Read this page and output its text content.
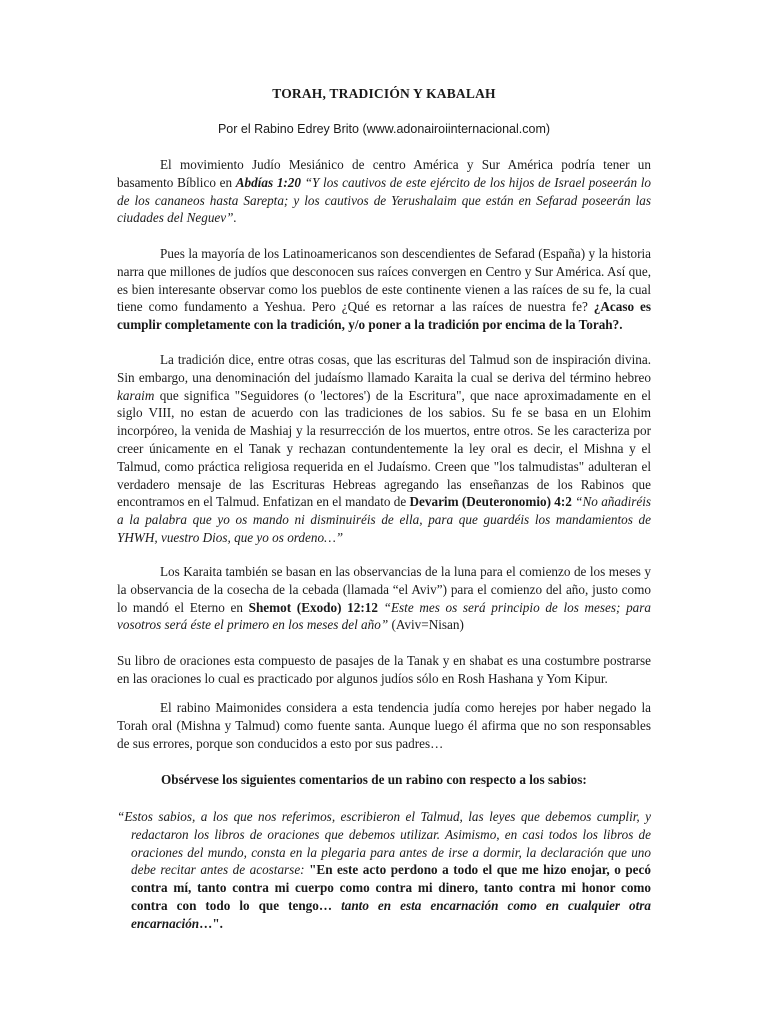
TORAH, TRADICIÓN Y KABALAH
Por el Rabino Edrey Brito (www.adonairoiinternacional.com)

El movimiento Judío Mesiánico de centro América y Sur América podría tener un basamento Bíblico en Abdías 1:20 “Y los cautivos de este ejército de los hijos de Israel poseerán lo de los cananeos hasta Sarepta; y los cautivos de Yerushalaim que están en Sefarad poseerán las ciudades del Neguev”.

Pues la mayoría de los Latinoamericanos son descendientes de Sefarad (España) y la historia narra que millones de judíos que desconocen sus raíces convergen en Centro y Sur América. Así que, es bien interesante observar como los pueblos de este continente vienen a las raíces de su fe, la cual tiene como fundamento a Yeshua. Pero ¿Qué es retornar a las raíces de nuestra fe? ¿Acaso es cumplir completamente con la tradición, y/o poner a la tradición por encima de la Torah?.

La tradición dice, entre otras cosas, que las escrituras del Talmud son de inspiración divina. Sin embargo, una denominación del judaísmo llamado Karaita la cual se deriva del término hebreo karaim que significa "Seguidores (o 'lectores') de la Escritura", que nace aproximadamente en el siglo VIII, no estan de acuerdo con las tradiciones de los sabios. Su fe se basa en un Elohim incorpóreo, la venida de Mashiaj y la resurrección de los muertos, entre otros. Se les caracteriza por creer únicamente en el Tanak y rechazan contundentemente la ley oral es decir, el Mishna y el Talmud, como práctica religiosa requerida en el Judaísmo. Creen que "los talmudistas" adulteran el verdadero mensaje de las Escrituras Hebreas agregando las enseñanzas de los Rabinos que encontramos en el Talmud. Enfatizan en el mandato de Devarim (Deuteronomio) 4:2 “No añadiréis a la palabra que yo os mando ni disminuiréis de ella, para que guardéis los mandamientos de YHWH, vuestro Dios, que yo os ordeno…”

Los Karaita también se basan en las observancias de la luna para el comienzo de los meses y la observancia de la cosecha de la cebada (llamada “el Aviv”) para el comienzo del año, justo como lo mandó el Eterno en Shemot (Exodo) 12:12 “Este mes os será principio de los meses; para vosotros será éste el primero en los meses del año” (Aviv=Nisan)

Su libro de oraciones esta compuesto de pasajes de la Tanak y en shabat es una costumbre postrarse en las oraciones lo cual es practicado por algunos judíos sólo en Rosh Hashana y Yom Kipur.

El rabino Maimonides considera a esta tendencia judía como herejes por haber negado la Torah oral (Mishna y Talmud) como fuente santa. Aunque luego él afirma que no son responsables de sus errores, porque son conducidos a esto por sus padres…

Obsérvese los siguientes comentarios de un rabino con respecto a los sabios:

“Estos sabios, a los que nos referimos, escribieron el Talmud, las leyes que debemos cumplir, y redactaron los libros de oraciones que debemos utilizar. Asimismo, en casi todos los libros de oraciones del mundo, consta en la plegaria para antes de irse a dormir, la declaración que uno debe recitar antes de acostarse: "En este acto perdono a todo el que me hizo enojar, o pecó contra mí, tanto contra mi cuerpo como contra mi dinero, tanto contra mi honor como contra con todo lo que tengo… tanto en esta encarnación como en cualquier otra encarnación…".
